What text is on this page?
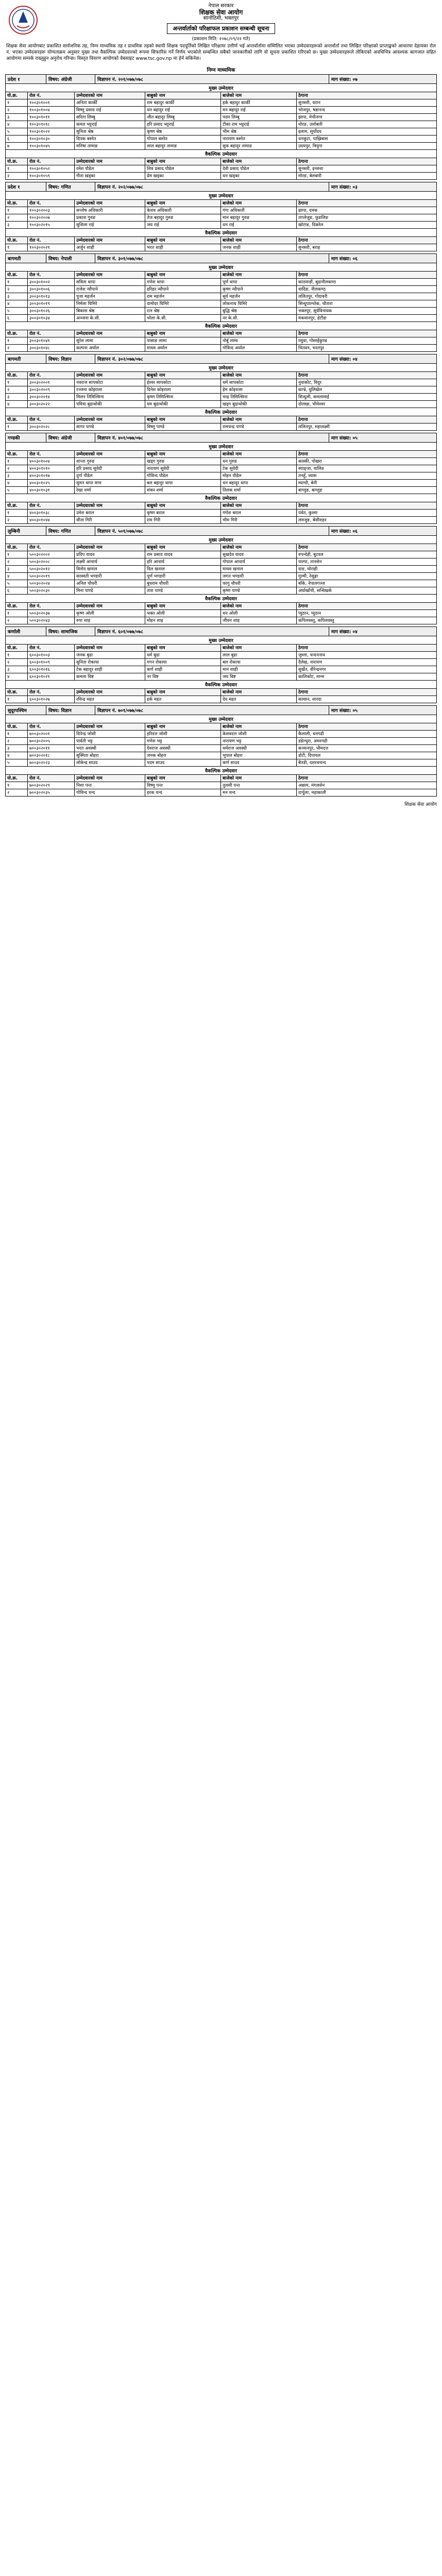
नेपाल सरकार
शिक्षक सेवा आयोग
सानोठिमी, भक्तपुर
अन्तर्वार्ताको परिक्षाफल प्रकाशन सम्बन्धी सूचना
(प्रकाशन मिति: २०७८/०९/२२ गते)
शिक्षक सेवा आयोगबाट प्रकाशित सार्वजनिक तह, निम्न माध्यमिक तह र प्राथमिक तहको स्थायी शिक्षक पदपूर्तिको लिखित परिक्षामा उत्तीर्ण भई अन्तर्वार्तामा सम्मिलित भएका उम्मेदवारहरूको अन्तर्वार्ता तथा लिखित परिक्षाको प्राप्ताङ्कको आधारमा देहायका रोल नं. भएका उम्मेदवारहरू योग्यताक्रम अनुसार मुख्य तथा वैकल्पिक उम्मेदवारको रूपमा सिफारिस गर्ने निर्णय भएकोले सम्बन्धित सबैको जानकारीको लागि यो सूचना प्रकाशित गरिएको छ। मुख्य उम्मेदवारहरूले तोकिएको अवधिभित्र आवश्यक कागजात सहित आयोगमा सम्पर्क राख्नुहुन अनुरोध गरिन्छ। विस्तृत विवरण आयोगको वेबसाइट www.tsc.gov.np मा हेर्न सकिनेछ।
निम्न माध्यमिक
प्रदेश १	विषय: अंग्रेजी	विज्ञापन नं. २०१/०७७/०७८	माग संख्या: ०७
मुख्य उम्मेदवार
यो.क्र.	रोल नं.	उम्मेदवारको नाम	बाबुको नाम	बाजेको नाम	ठेगाना
१	१००३०१००१	अनिता कार्की	राम बहादुर कार्की	हर्क बहादुर कार्की	सुनसरी, धरान
२	१००३०१००४	विष्णु प्रसाद राई	धन बहादुर राई	मन बहादुर राई	भोजपुर, षडानन्द
३	१००३०१०११	सरिता लिम्बु	जीत बहादुर लिम्बु	पदम लिम्बु	झापा, मेचीनगर
४	१००३०१०१८	कमल भट्टराई	हरि प्रसाद भट्टराई	टीका राम भट्टराई	मोरङ, उर्लाबारी
५	१००३०१०२२	सुनिता श्रेष्ठ	कृष्ण श्रेष्ठ	भीम श्रेष्ठ	इलाम, सूर्योदय
६	१००३०१०३०	दिपक बस्नेत	गोपाल बस्नेत	नारायण बस्नेत	धनकुटा, पाख्रिबास
७	१००३०१०४५	मनिषा तामाङ	लाल बहादुर तामाङ	सुक बहादुर तामाङ	उदयपुर, त्रियुगा
वैकल्पिक उम्मेदवार
यो.क्र.	रोल नं.	उम्मेदवारको नाम	बाबुको नाम	बाजेको नाम	ठेगाना
१	१००३०१०५२	रमेश पौडेल	शिव प्रसाद पौडेल	देवी प्रसाद पौडेल	सुनसरी, इनरुवा
२	१००३०१०५९	गीता खड्का	प्रेम खड्का	धन खड्का	मोरङ, बेलबारी
प्रदेश १	विषय: गणित	विज्ञापन नं. २०२/०७७/०७८	माग संख्या: ०३
मुख्य उम्मेदवार
यो.क्र.	रोल नं.	उम्मेदवारको नाम	बाबुको नाम	बाजेको नाम	ठेगाना
१	१००३०२००३	सन्तोष अधिकारी	केशव अधिकारी	गंगा अधिकारी	झापा, दमक
२	१००३०२००७	प्रकाश गुरुङ	तेज बहादुर गुरुङ	मान बहादुर गुरुङ	ताप्लेजुङ, फुङलिङ
३	१००३०२०१५	सुशिला राई	जय राई	धन राई	खोटाङ, दिक्तेल
वैकल्पिक उम्मेदवार
यो.क्र.	रोल नं.	उम्मेदवारको नाम	बाबुको नाम	बाजेको नाम	ठेगाना
१	१००३०२०२१	अर्जुन शाही	भरत शाही	जनक शाही	सुनसरी, बराह
बागमती	विषय: नेपाली	विज्ञापन नं. ३०१/०७७/०७८	माग संख्या: ०६
मुख्य उम्मेदवार
यो.क्र.	रोल नं.	उम्मेदवारको नाम	बाबुको नाम	बाजेको नाम	ठेगाना
१	३००३०१००२	सविता थापा	गणेश थापा	पूर्ण थापा	काठमाडौं, बुढानीलकण्ठ
२	३००३०१००६	राजेश न्यौपाने	हरिहर न्यौपाने	कृष्ण न्यौपाने	धादिङ, नीलकण्ठ
३	३००३०१०१३	पुजा महर्जन	राम महर्जन	सुर्य महर्जन	ललितपुर, गोदावरी
४	३००३०१०१९	निर्मला घिमिरे	दामोदर घिमिरे	लोकनाथ घिमिरे	सिन्धुपाल्चोक, चौतारा
५	३००३०१०२६	बिकास श्रेष्ठ	रत्न श्रेष्ठ	बुद्धि श्रेष्ठ	भक्तपुर, सूर्यविनायक
६	३००३०१०३४	अञ्जना के.सी.	भोला के.सी.	नर के.सी.	मकवानपुर, हेटौंडा
वैकल्पिक उम्मेदवार
यो.क्र.	रोल नं.	उम्मेदवारको नाम	बाबुको नाम	बाजेको नाम	ठेगाना
१	३००३०१०४१	सुरेश लामा	पासाङ लामा	नोर्बु लामा	रसुवा, गोसाईंकुण्ड
२	३००३०१०४८	कल्पना अर्याल	माधव अर्याल	गोविन्द अर्याल	चितवन, भरतपुर
बागमती	विषय: विज्ञान	विज्ञापन नं. ३०२/०७७/०७८	माग संख्या: ०४
मुख्य उम्मेदवार
यो.क्र.	रोल नं.	उम्मेदवारको नाम	बाबुको नाम	बाजेको नाम	ठेगाना
१	३००३०२००१	नवराज सापकोटा	ईश्वर सापकोटा	धर्म सापकोटा	नुवाकोट, विदुर
२	३००३०२००९	रञ्जना कोइराला	दिनेश कोइराला	हेम कोइराला	काभ्रे, धुलिखेल
३	३००३०२०१४	मिलन तिमिल्सिना	कृष्ण तिमिल्सिना	चन्द्र तिमिल्सिना	सिन्धुली, कमलामाई
४	३००३०२०२२	पवित्रा बुढाथोकी	यम बुढाथोकी	खड्ग बुढाथोकी	दोलखा, भीमेश्वर
वैकल्पिक उम्मेदवार
यो.क्र.	रोल नं.	उम्मेदवारको नाम	बाबुको नाम	बाजेको नाम	ठेगाना
१	३००३०२०२८	सागर पाण्डे	विष्णु पाण्डे	रामचन्द्र पाण्डे	ललितपुर, महालक्ष्मी
गण्डकी	विषय: अंग्रेजी	विज्ञापन नं. ४०१/०७७/०७८	माग संख्या: ०५
मुख्य उम्मेदवार
यो.क्र.	रोल नं.	उम्मेदवारको नाम	बाबुको नाम	बाजेको नाम	ठेगाना
१	४००३०१००४	शान्ता गुरुङ	खड्ग गुरुङ	धन गुरुङ	कास्की, पोखरा
२	४००३०१०१०	हरि प्रसाद सुवेदी	नारायण सुवेदी	टेक सुवेदी	स्याङ्जा, वालिङ
३	४००३०१०१७	दुर्गा पौडेल	गोविन्द पौडेल	मोहन पौडेल	तनहुँ, व्यास
४	४००३०१०२५	सुमन थापा मगर	बल बहादुर थापा	धन बहादुर थापा	म्याग्दी, बेनी
५	४००३०१०३१	रेखा शर्मा	शंकर शर्मा	तिलक शर्मा	बाग्लुङ, बाग्लुङ
वैकल्पिक उम्मेदवार
यो.क्र.	रोल नं.	उम्मेदवारको नाम	बाबुको नाम	बाजेको नाम	ठेगाना
१	४००३०१०३८	उमेश बराल	कृष्ण बराल	गणेश बराल	पर्वत, कुश्मा
२	४००३०१०४४	सीता गिरी	राम गिरी	भीम गिरी	लमजुङ, बेसीशहर
लुम्बिनी	विषय: गणित	विज्ञापन नं. ५०१/०७७/०७८	माग संख्या: ०६
मुख्य उम्मेदवार
यो.क्र.	रोल नं.	उम्मेदवारको नाम	बाबुको नाम	बाजेको नाम	ठेगाना
१	५००३०२००२	प्रदिप यादव	राम प्रसाद यादव	सुखदेव यादव	रुपन्देही, बुटवल
२	५००३०२००८	लक्ष्मी आचार्य	हरि आचार्य	गोपाल आचार्य	पाल्पा, तानसेन
३	५००३०२०१२	विनोद खनाल	दिल खनाल	माधव खनाल	दाङ, घोराही
४	५००३०२०१९	सरस्वती भण्डारी	पूर्ण भण्डारी	जगत भण्डारी	गुल्मी, रेसुङ्गा
५	५००३०२०२४	अनिल चौधरी	बुधराम चौधरी	फागु चौधरी	बाँके, नेपालगञ्ज
६	५००३०२०३०	मिना पाण्डे	तारा पाण्डे	कृष्ण पाण्डे	अर्घाखाँची, सन्धिखर्क
वैकल्पिक उम्मेदवार
यो.क्र.	रोल नं.	उम्मेदवारको नाम	बाबुको नाम	बाजेको नाम	ठेगाना
१	५००३०२०३७	कृष्ण ओली	भक्त ओली	धन ओली	प्युठान, प्युठान
२	५००३०२०४३	रुपा शाह	मोहन शाह	जीवन शाह	कपिलवस्तु, कपिलवस्तु
कर्णाली	विषय: सामाजिक	विज्ञापन नं. ६०१/०७७/०७८	माग संख्या: ०४
मुख्य उम्मेदवार
यो.क्र.	रोल नं.	उम्मेदवारको नाम	बाबुको नाम	बाजेको नाम	ठेगाना
१	६००३०१००३	जनक बुढा	धर्म बुढा	लाल बुढा	जुम्ला, चन्दननाथ
२	६००३०१००९	सुनिता रोकाया	गगन रोकाया	बल रोकाया	दैलेख, नारायण
३	६००३०१०१६	टेक बहादुर शाही	कर्ण शाही	मान शाही	सुर्खेत, वीरेन्द्रनगर
४	६००३०१०२१	कमला विष्ट	नर विष्ट	जय विष्ट	कालिकोट, मान्म
वैकल्पिक उम्मेदवार
यो.क्र.	रोल नं.	उम्मेदवारको नाम	बाबुको नाम	बाजेको नाम	ठेगाना
१	६००३०१०२७	रविन्द्र महत	हर्क महत	देव महत	सल्यान, शारदा
सुदूरपश्चिम	विषय: विज्ञान	विज्ञापन नं. ७०१/०७७/०७८	माग संख्या: ०५
मुख्य उम्मेदवार
यो.क्र.	रोल नं.	उम्मेदवारको नाम	बाबुको नाम	बाजेको नाम	ठेगाना
१	७००३०२००१	दिपेन्द्र जोशी	हरिदत्त जोशी	केशवदत्त जोशी	कैलाली, धनगढी
२	७००३०२००५	पार्वती भट्ट	गणेश भट्ट	नारायण भट्ट	डडेल्धुरा, अमरगढी
३	७००३०२०११	भरत अवस्थी	देवराज अवस्थी	धर्मराज अवस्थी	कञ्चनपुर, भीमदत्त
४	७००३०२०१८	सुस्मिता बोहरा	जनक बोहरा	भुपाल बोहरा	डोटी, दिपायल
५	७००३०२०२३	लोकेन्द्र साउद	पदम साउद	कर्ण साउद	बैतडी, दशरथचन्द
वैकल्पिक उम्मेदवार
यो.क्र.	रोल नं.	उम्मेदवारको नाम	बाबुको नाम	बाजेको नाम	ठेगाना
१	७००३०२०२९	निशा पन्त	विष्णु पन्त	तुलसी पन्त	अछाम, मंगलसेन
२	७००३०२०३५	गोविन्द चन्द	हरक चन्द	मन चन्द	दार्चुला, महाकाली
शिक्षक सेवा आयोग
